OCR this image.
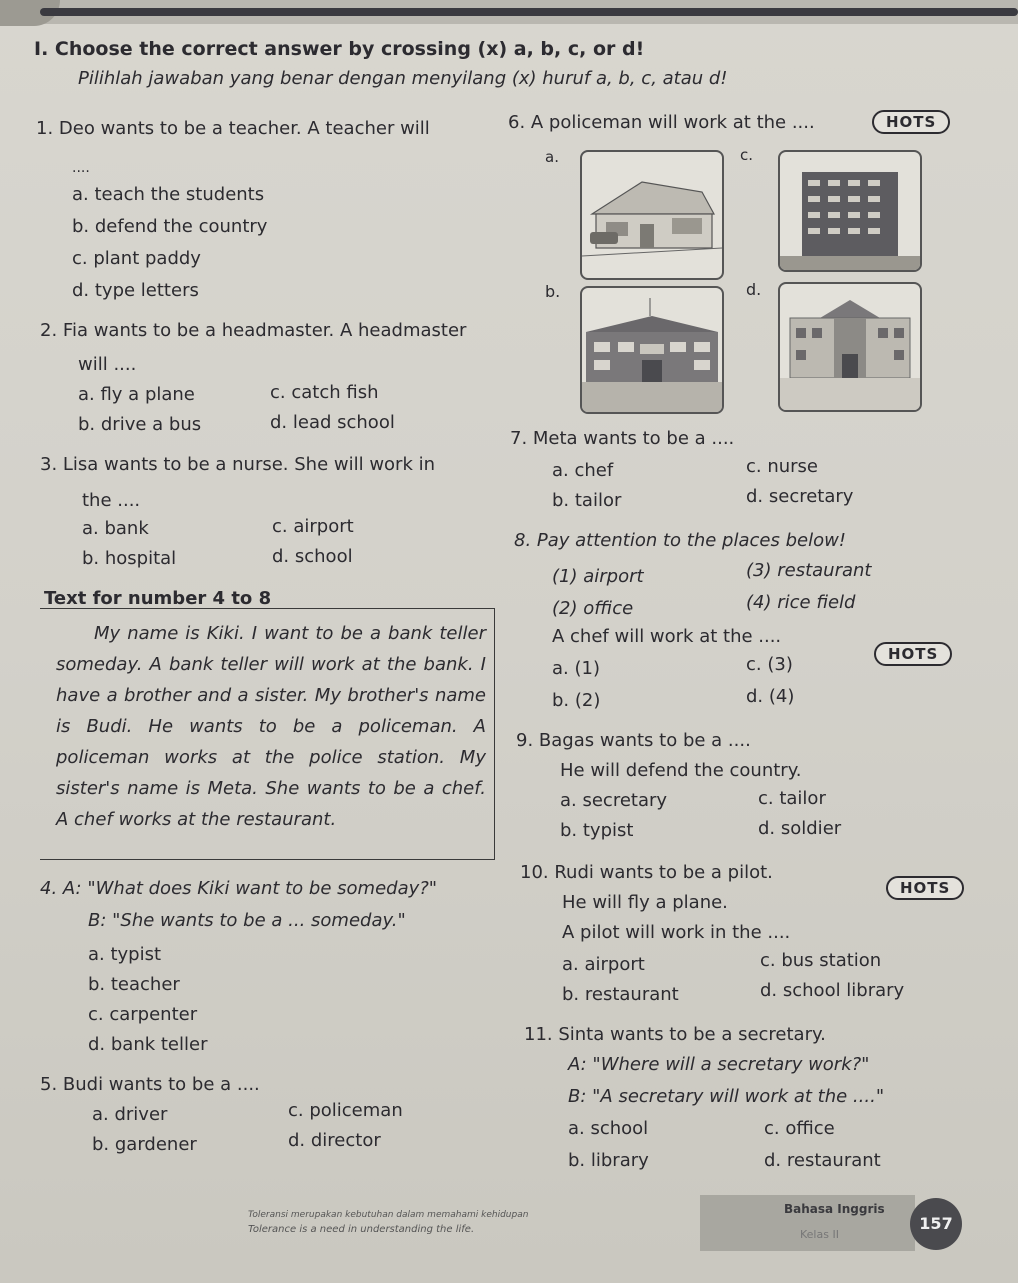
I. Choose the correct answer by crossing (x) a, b, c, or d!
Pilihlah jawaban yang benar dengan menyilang (x) huruf a, b, c, atau d!
1. Deo wants to be a teacher. A teacher will
....
a. teach the students
b. defend the country
c. plant paddy
d. type letters
2. Fia wants to be a headmaster. A headmaster
will ....
a. fly a plane	c. catch fish
b. drive a bus	d. lead school
3. Lisa wants to be a nurse. She will work in
the ....
a. bank	c. airport
b. hospital	d. school
Text for number 4 to 8
My name is Kiki. I want to be a bank teller someday. A bank teller will work at the bank. I have a brother and a sister. My brother's name is Budi. He wants to be a policeman. A policeman works at the police station. My sister's name is Meta. She wants to be a chef. A chef works at the restaurant.
4. A: "What does Kiki want to be someday?"
B: "She wants to be a ... someday."
a. typist
b. teacher
c. carpenter
d. bank teller
5. Budi wants to be a ....
a. driver	c. policeman
b. gardener	d. director
6. A policeman will work at the ....	HOTS
a.	c.
b.	d.
7. Meta wants to be a ....
a. chef	c. nurse
b. tailor	d. secretary
8. Pay attention to the places below!
(1) airport	(3) restaurant
(2) office	(4) rice field
A chef will work at the ....
HOTS
a. (1)	c. (3)
b. (2)	d. (4)
9. Bagas wants to be a ....
He will defend the country.
a. secretary	c. tailor
b. typist	d. soldier
10. Rudi wants to be a pilot.
HOTS
He will fly a plane.
A pilot will work in the ....
a. airport	c. bus station
b. restaurant	d. school library
11. Sinta wants to be a secretary.
A: "Where will a secretary work?"
B: "A secretary will work at the ...."
a. school	c. office
b. library	d. restaurant
Toleransi merupakan kebutuhan dalam memahami kehidupan
Tolerance is a need in understanding the life.
Bahasa Inggris
Kelas II
157
